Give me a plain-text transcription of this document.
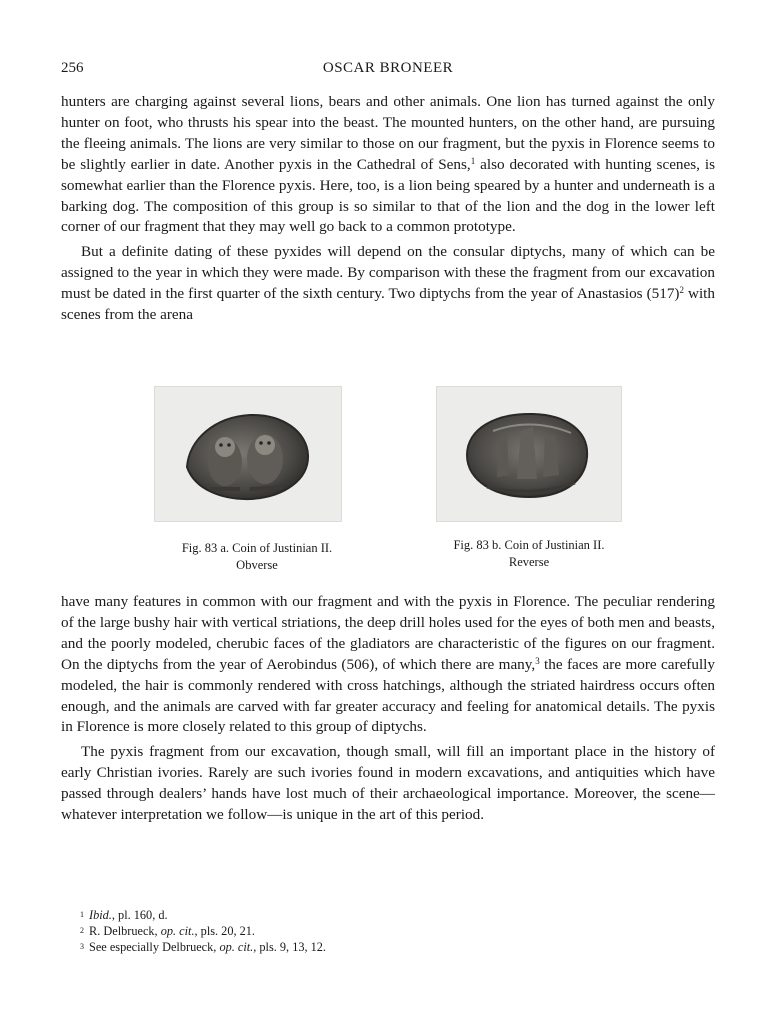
256	OSCAR BRONEER

hunters are charging against several lions, bears and other animals. One lion has turned against the only hunter on foot, who thrusts his spear into the beast. The mounted hunters, on the other hand, are pursuing the fleeing animals. The lions are very similar to those on our fragment, but the pyxis in Florence seems to be slightly earlier in date. Another pyxis in the Cathedral of Sens,$^1$ also decorated with hunting scenes, is somewhat earlier than the Florence pyxis. Here, too, is a lion being speared by a hunter and underneath is a barking dog. The composition of this group is so similar to that of the lion and the dog in the lower left corner of our fragment that they may well go back to a common prototype.

But a definite dating of these pyxides will depend on the consular diptychs, many of which can be assigned to the year in which they were made. By comparison with these the fragment from our excavation must be dated in the first quarter of the sixth century. Two diptychs from the year of Anastasios $(517)^2$ with scenes from the arena

Fig. 83 a. Coin of Justinian II.
Obverse
Fig. 83 b. Coin of Justinian II.
Reverse

have many features in common with our fragment and with the pyxis in Florence. The peculiar rendering of the large bushy hair with vertical striations, the deep drill holes used for the eyes of both men and beasts, and the poorly modeled, cherubic faces of the gladiators are characteristic of the figures on our fragment. On the diptychs from the year of Aerobindus (506), of which there are many,$^3$ the faces are more carefully modeled, the hair is commonly rendered with cross hatchings, although the striated hairdress occurs often enough, and the animals are carved with far greater accuracy and feeling for anatomical details. The pyxis in Florence is more closely related to this group of diptychs.

The pyxis fragment from our excavation, though small, will fill an important place in the history of early Christian ivories. Rarely are such ivories found in modern excavations, and antiquities which have passed through dealers’ hands have lost much of their archaeological importance. Moreover, the scene—whatever interpretation we follow—is unique in the art of this period.

$^1$ Ibid., pl. 160, d.
$^2$ R. Delbrueck, op. cit., pls. 20, 21.
$^3$ See especially Delbrueck, op. cit., pls. 9, 13, 12.
